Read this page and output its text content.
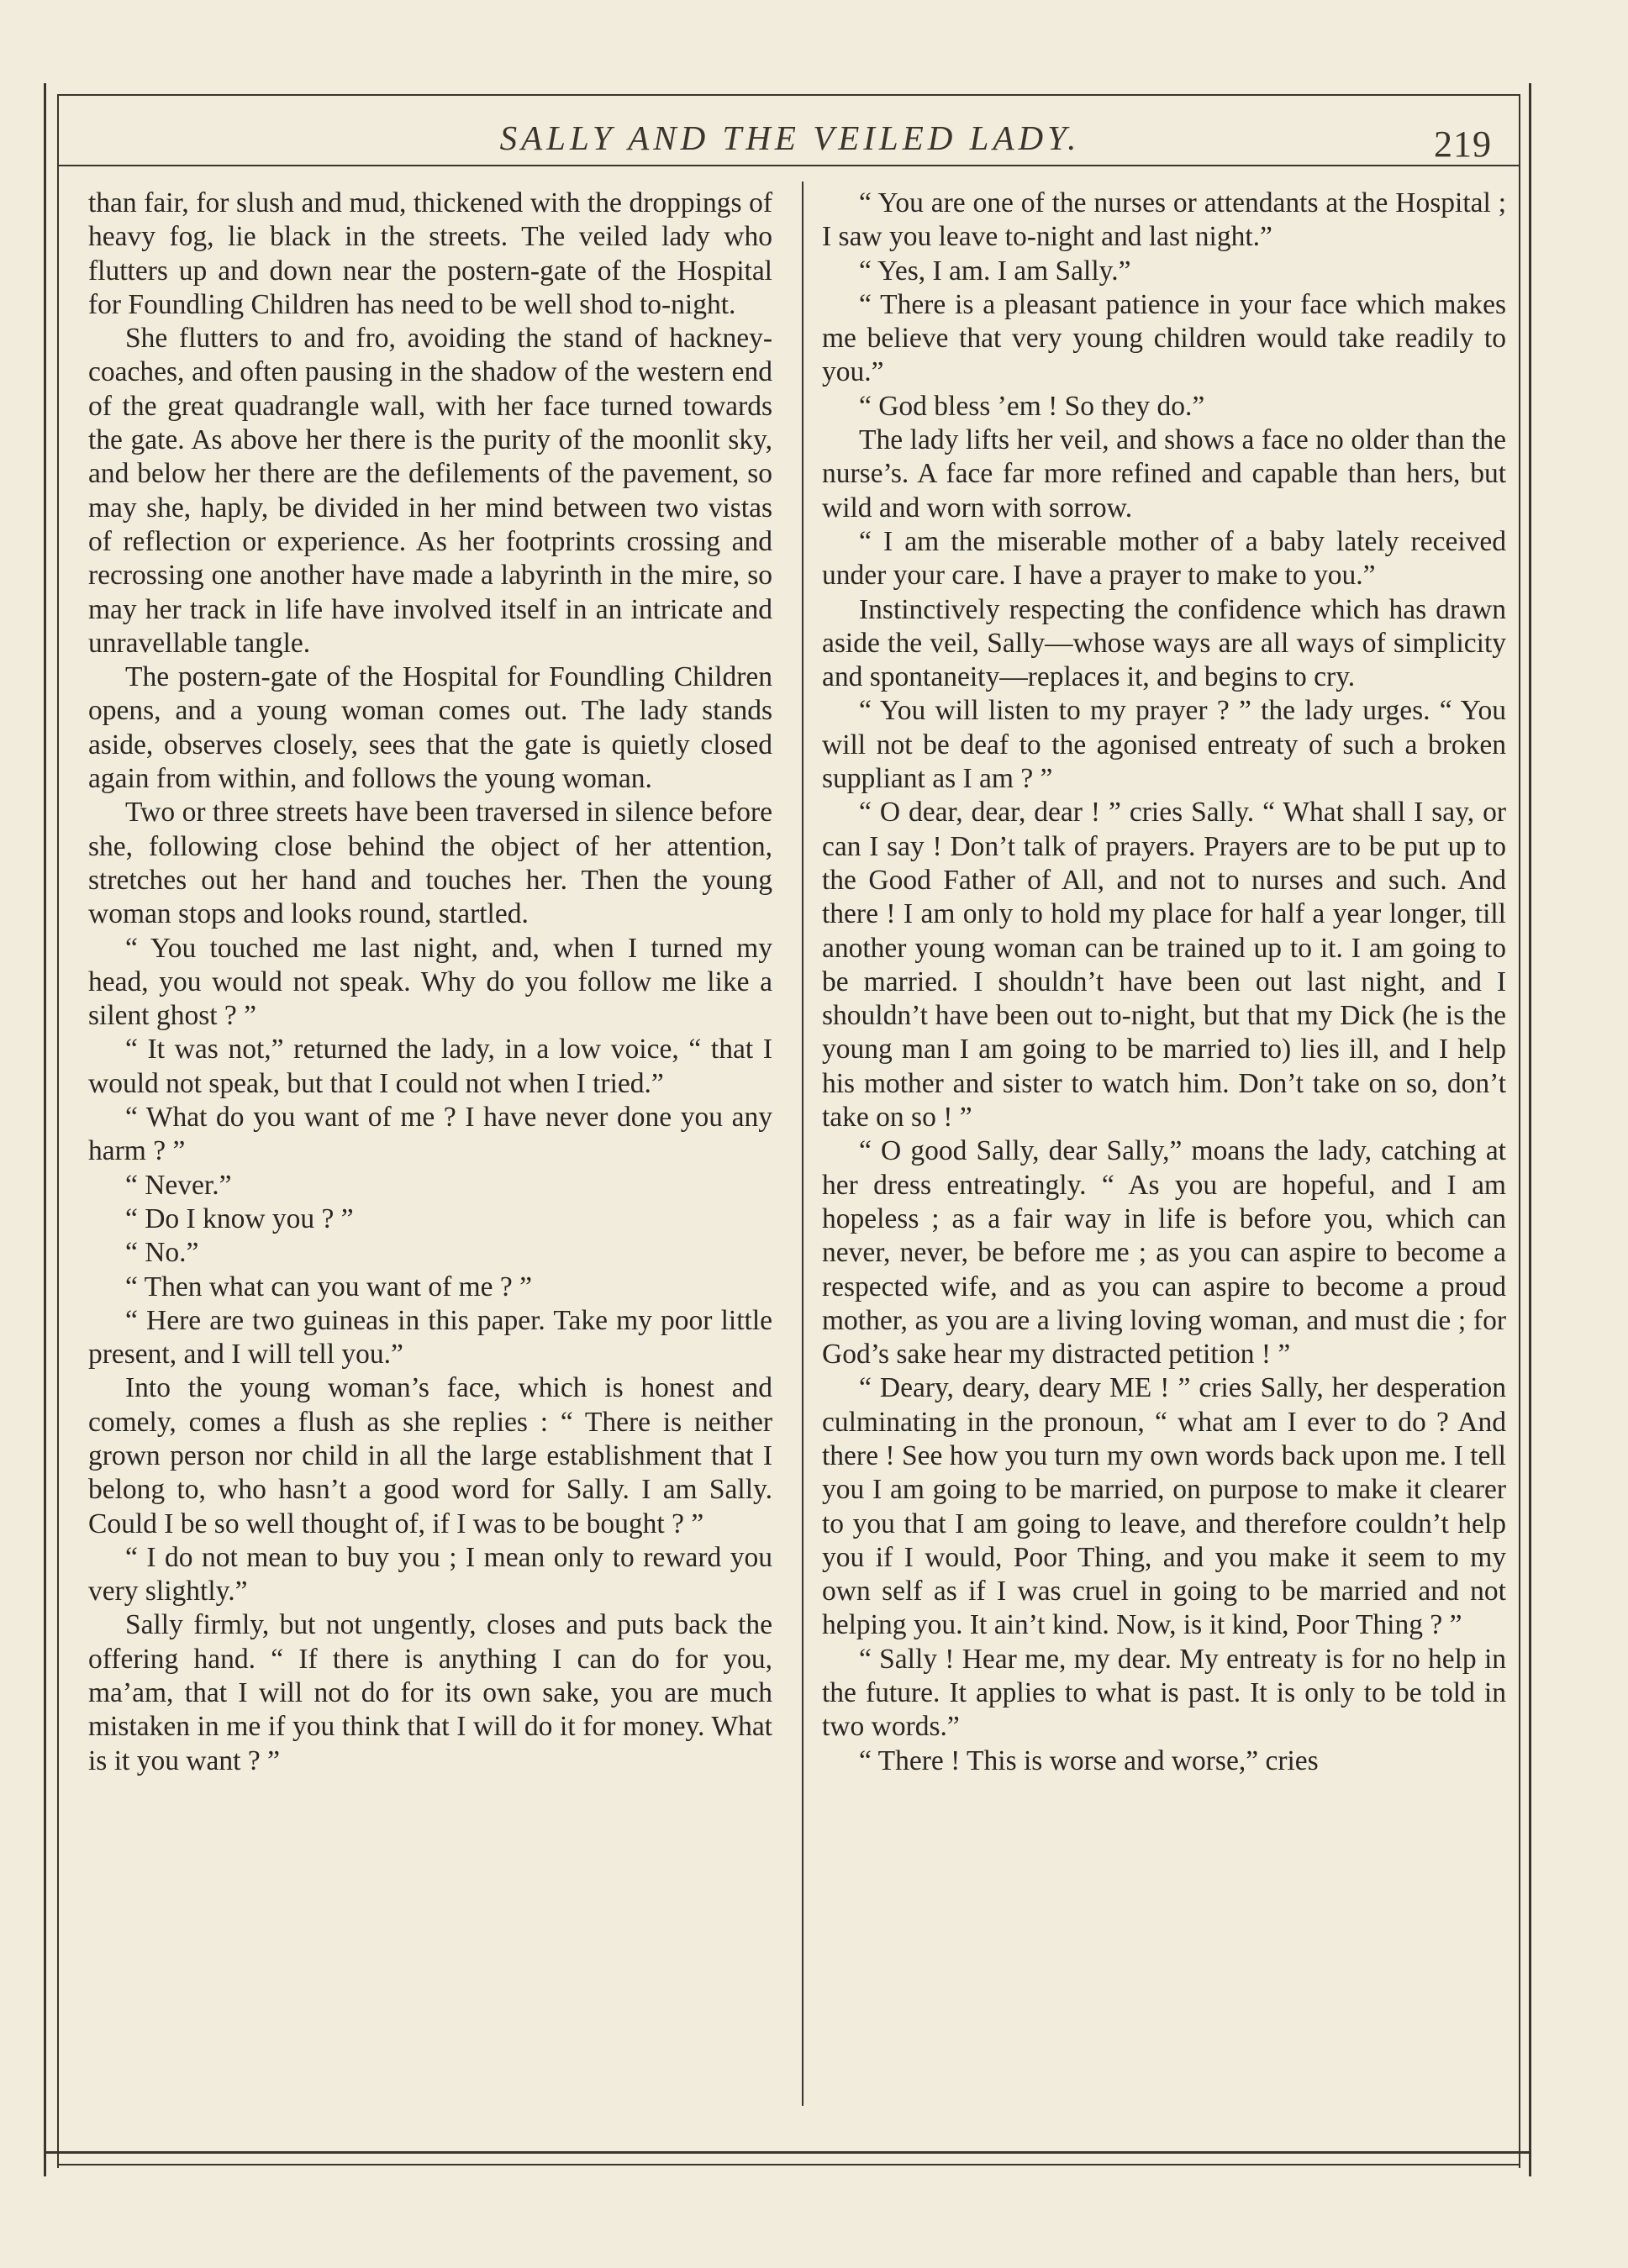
SALLY AND THE VEILED LADY.	219

than fair, for slush and mud, thickened with the droppings of heavy fog, lie black in the streets. The veiled lady who flutters up and down near the postern-gate of the Hospital for Foundling Children has need to be well shod to-night.

She flutters to and fro, avoiding the stand of hackney-coaches, and often pausing in the shadow of the western end of the great quadrangle wall, with her face turned towards the gate. As above her there is the purity of the moonlit sky, and below her there are the defilements of the pavement, so may she, haply, be divided in her mind between two vistas of reflection or experience. As her footprints crossing and recrossing one another have made a labyrinth in the mire, so may her track in life have involved itself in an intricate and unravellable tangle.

The postern-gate of the Hospital for Foundling Children opens, and a young woman comes out. The lady stands aside, observes closely, sees that the gate is quietly closed again from within, and follows the young woman.

Two or three streets have been traversed in silence before she, following close behind the object of her attention, stretches out her hand and touches her. Then the young woman stops and looks round, startled.

“ You touched me last night, and, when I turned my head, you would not speak. Why do you follow me like a silent ghost ? ”

“ It was not,” returned the lady, in a low voice, “ that I would not speak, but that I could not when I tried.”

“ What do you want of me ? I have never done you any harm ? ”

“ Never.”

“ Do I know you ? ”

“ No.”

“ Then what can you want of me ? ”

“ Here are two guineas in this paper. Take my poor little present, and I will tell you.”

Into the young woman’s face, which is honest and comely, comes a flush as she replies : “ There is neither grown person nor child in all the large establishment that I belong to, who hasn’t a good word for Sally. I am Sally. Could I be so well thought of, if I was to be bought ? ”

“ I do not mean to buy you ; I mean only to reward you very slightly.”

Sally firmly, but not ungently, closes and puts back the offering hand. “ If there is anything I can do for you, ma’am, that I will not do for its own sake, you are much mistaken in me if you think that I will do it for money. What is it you want ? ”

“ You are one of the nurses or attendants at the Hospital ; I saw you leave to-night and last night.”

“ Yes, I am. I am Sally.”

“ There is a pleasant patience in your face which makes me believe that very young children would take readily to you.”

“ God bless ’em ! So they do.”

The lady lifts her veil, and shows a face no older than the nurse’s. A face far more refined and capable than hers, but wild and worn with sorrow.

“ I am the miserable mother of a baby lately received under your care. I have a prayer to make to you.”

Instinctively respecting the confidence which has drawn aside the veil, Sally—whose ways are all ways of simplicity and spontaneity—replaces it, and begins to cry.

“ You will listen to my prayer ? ” the lady urges. “ You will not be deaf to the agonised entreaty of such a broken suppliant as I am ? ”

“ O dear, dear, dear ! ” cries Sally. “ What shall I say, or can I say ! Don’t talk of prayers. Prayers are to be put up to the Good Father of All, and not to nurses and such. And there ! I am only to hold my place for half a year longer, till another young woman can be trained up to it. I am going to be married. I shouldn’t have been out last night, and I shouldn’t have been out to-night, but that my Dick (he is the young man I am going to be married to) lies ill, and I help his mother and sister to watch him. Don’t take on so, don’t take on so ! ”

“ O good Sally, dear Sally,” moans the lady, catching at her dress entreatingly. “ As you are hopeful, and I am hopeless ; as a fair way in life is before you, which can never, never, be before me ; as you can aspire to become a respected wife, and as you can aspire to become a proud mother, as you are a living loving woman, and must die ; for God’s sake hear my distracted petition ! ”

“ Deary, deary, deary ME ! ” cries Sally, her desperation culminating in the pronoun, “ what am I ever to do ? And there ! See how you turn my own words back upon me. I tell you I am going to be married, on purpose to make it clearer to you that I am going to leave, and therefore couldn’t help you if I would, Poor Thing, and you make it seem to my own self as if I was cruel in going to be married and not helping you. It ain’t kind. Now, is it kind, Poor Thing ? ”

“ Sally ! Hear me, my dear. My entreaty is for no help in the future. It applies to what is past. It is only to be told in two words.”

“ There ! This is worse and worse,” cries
